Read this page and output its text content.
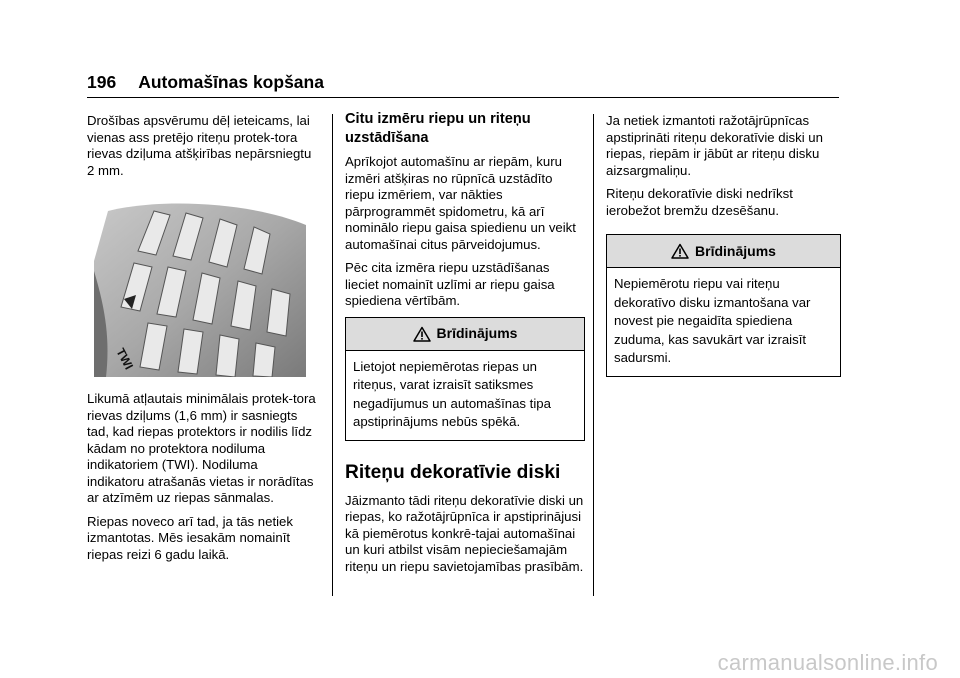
196 Automašīnas kopšana

Drošības apsvērumu dēļ ieteicams, lai vienas ass pretējo riteņu protek-tora rievas dziļuma atšķirības nepārsniegtu 2 mm.

TWI

Likumā atļautais minimālais protek-tora rievas dziļums (1,6 mm) ir sasniegts tad, kad riepas protektors ir nodilis līdz kādam no protektora nodiluma indikatoriem (TWI). Nodiluma indikatoru atrašanās vietas ir norādītas ar atzīmēm uz riepas sānmalas.

Riepas noveco arī tad, ja tās netiek izmantotas. Mēs iesakām nomainīt riepas reizi 6 gadu laikā.

Citu izmēru riepu un riteņu uzstādīšana

Aprīkojot automašīnu ar riepām, kuru izmēri atšķiras no rūpnīcā uzstādīto riepu izmēriem, var nākties pārprogrammēt spidometru, kā arī nominālo riepu gaisa spiedienu un veikt automašīnai citus pārveidojumus.

Pēc cita izmēra riepu uzstādīšanas lieciet nomainīt uzlīmi ar riepu gaisa spiediena vērtībām.

Brīdinājums
Lietojot nepiemērotas riepas un riteņus, varat izraisīt satiksmes negadījumus un automašīnas tipa apstiprinājums nebūs spēkā.
Riteņu dekoratīvie diski

Jāizmanto tādi riteņu dekoratīvie diski un riepas, ko ražotājrūpnīca ir apstiprinājusi kā piemērotus konkrē-tajai automašīnai un kuri atbilst visām nepieciešamajām riteņu un riepu savietojamības prasībām.

Ja netiek izmantoti ražotājrūpnīcas apstiprināti riteņu dekoratīvie diski un riepas, riepām ir jābūt ar riteņu disku aizsargmaliņu.

Riteņu dekoratīvie diski nedrīkst ierobežot bremžu dzesēšanu.

Brīdinājums
Nepiemērotu riepu vai riteņu dekoratīvo disku izmantošana var novest pie negaidīta spiediena zuduma, kas savukārt var izraisīt sadursmi.
carmanualsonline.info
